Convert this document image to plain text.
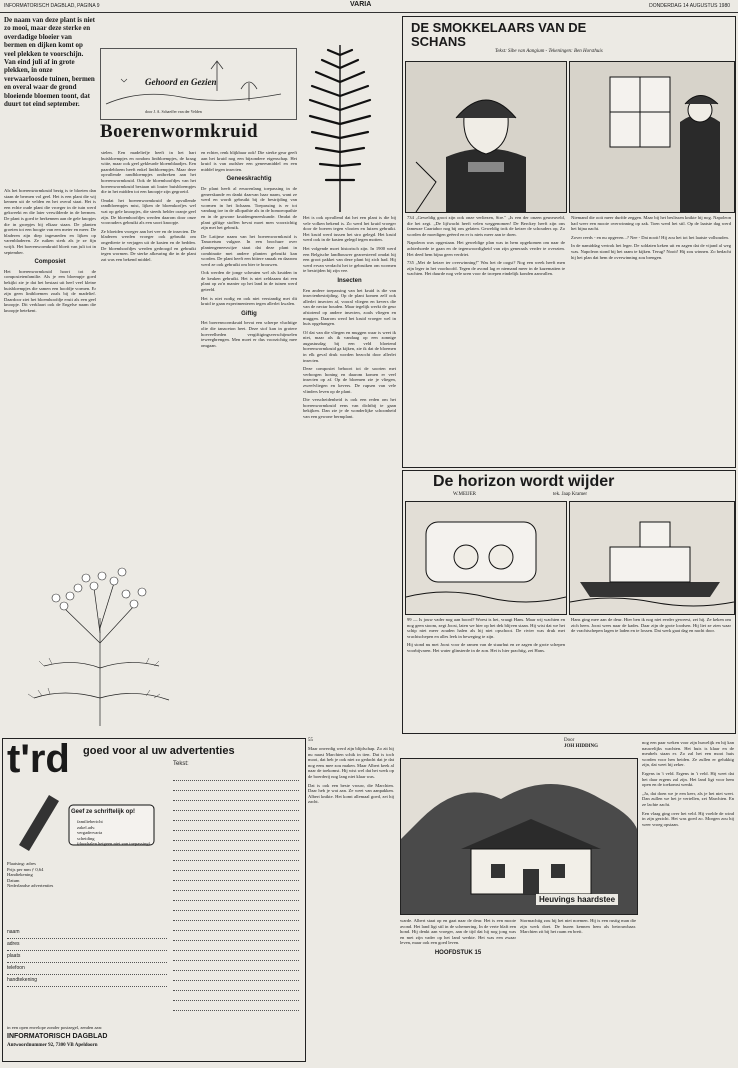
INFORMATORISCH DAGBLAD, PAGINA 9	VARIA	DONDERDAG 14 AUGUSTUS 1980
De naam van deze plant is niet zo mooi, maar deze sterke en overdadige bloeier van bermen en dijken komt op veel plekken te voorschijn. Van eind juli af in grote plekken, in onze verwaarloosde tuinen, bermen en overal waar de grond bloeiende bloemen toont, dat duurt tot eind september.
Gehoord en Gezien
door J. A. Schaeffer van der Velden
Boerenwormkruid

Als het boerenwormkruid bezig is te bloeien dan staan de bermen vol geel. Het is een plant die wij kennen uit de velden en het overal staat. Het is een echte oude plant die vroeger in de tuin werd gekweekt en die later verwilderde in de bermen. De plant is goed te herkennen aan de gele knopjes die in groepjes bij elkaar staan. De planten groeien tot een hoogte van een meter en meer. De bladeren zijn diep ingesneden en lijken op varenbladeren. Ze ruiken sterk als je ze fijn wrijft. Het boerenwormkruid bloeit van juli tot in september.

Composiet

Het boerenwormkruid hoort tot de composietenfamilie. Als je een bloempje goed bekijkt zie je dat het bestaat uit heel veel kleine buisbloempjes die samen een hoofdje vormen. Er zijn geen lintbloemen zoals bij de madelief. Daardoor ziet het bloemhoofdje eruit als een geel knoopje. Dit verklaart ook de Engelse naam die knoopje betekent.

stelen. Een madeliefje heeft in het hart buisbloempjes en rondom lintbloempjes, de kraag witte, maar ook geel gekleurde bloemblaadjes. Een paardebloem heeft enkel lintbloempjes. Maar deze opvallende randbloempjes ontbreken aan het boerenwormkruid. Ook de bloemhoofdjes van het boerenwormkruid bestaan uit louter buisbloempjes die in het midden tot een knoopje zijn gegroeid.

Omdat het boerenwormkruid de opvallende randbloempjes mist, lijken de bloemkorfjes wel wat op gele knoopjes, die steeds helder oranje geel zijn. De bloemhoofdjes werden daarom door onze voorouders gebruikt als een soort knoopje.

Ze bloeiden vroeger aan het vee en de insecten. De bladeren werden vroeger ook gebruikt om ongedierte te verjagen uit de kasten en de bedden. De bloemhoofdjes werden gedroogd en gebruikt tegen wormen. De sterke afkeuring die in de plant zat was een bekend middel.

en echter, renk blijkbaar ook! Die sterke geur geeft aan het kruid nog een bijzondere eigenschap. Het kruid is van oudsher een geneesmiddel en een middel tegen insecten.

Geneeskrachtig

De plant heeft al eeuwenlang toepassing in de geneeskunde en dankt daarvan haar naam, want ze werd en wordt gebruikt bij de bestrijding van wormen in het lichaam. Toepassing is er tot vandaag toe in de allopathie als in de homoeopathie en in de gewone kruidengeneeskunde. Omdat de plant giftige stoffen bevat moet men voorzichtig zijn met het gebruik.

De Latijnse naam van het boerenwormkruid is Tanacetum vulgare. In een brochure over plantengeneeswijze staat dat deze plant in combinatie met andere planten gebruikt kan worden. De plant heeft een bittere smaak en daarom werd ze ook gebruikt om bier te brouwen.

Ook werden de jonge scheuten wel als kruiden in de keuken gebruikt. Het is niet zeldzaam dat een plant op zo'n manier op het land in de tuinen werd geteeld.

Het is niet nodig en ook niet verstandig met dit kruid te gaan experimenteren tegen allerlei kwalen.

Giftig

Het boerenwormkruid bevat een scherpe vluchtige olie die tanaceton heet. Deze stof kan in grotere hoeveelheden vergiftigingsverschijnselen teweegbrengen. Men moet er dus voorzichtig mee omgaan.

Het is ook opvallend dat het een plant is die bij vele volken bekend is. Zo werd het kruid vroeger door de boeren tegen vlooien en luizen gebruikt. Het kruid werd tussen het stro gelegd. Het kruid werd ook in de kasten gelegd tegen motten.

Het volgende moet historisch zijn. In 1900 werd een Belgische landbouwer gearresteerd omdat hij een groot pakket van deze plant bij zich had. Hij werd ervan verdacht het te gebruiken om wormen te bestrijden bij zijn vee.

Insecten

Een andere toepassing van het kruid is die van insectenbestrijding. Op de plant komen zelf ook allerlei insecten af, vooral vliegen en kevers die van de nectar houden. Maar tegelijk werkt de geur afstotend op andere insecten, zoals vliegen en muggen. Daarom werd het kruid vroeger wel in huis opgehangen.

Of dat van die vliegen en muggen waar is weet ik niet, maar als ik vandaag op een zonnige augustusdag bij een veld bloeiend boerenwormkruid ga kijken, zie ik dat de bloemen in elk geval druk worden bezocht door allerlei insecten.

Deze composiet behoort tot de soorten met verborgen honing en daarom komen er veel insecten op af. Op de bloemen zie je vliegen, zweefvliegen en kevers. De rupsen van vele vlinders leven op de plant.

Die verscheidenheid is ook een reden om het boerenwormkruid eens van dichtbij te gaan bekijken. Dan zie je de wonderlijke schoonheid van een gewone bermplant.

DE SMOKKELAARS VAN DE SCHANS
Tekst: Sibe van Aangium - Tekeningen: Ben Horsthuis

734 „Geweldig groot zijn ook onze verliezen, Sire." „Is een der onzen gesneuveld, die het zegt. „De lijfwacht heeft velen weggenomen! De Berckey heeft zijn ons fameuze Caartabor nog bij ons gelaten. Geweldig trok de keizer de schouders op. Zo worden de moedigen geëerd en er is niets meer aan te doen.

Napoleon was opgestaan. Het geweldige plan was in hem opgekomen om naar de achterhoede te gaan en de tegenwoordigheid van zijn generaals verder te overzien. Het deed hem bijna geen verdriet.

735 „Met de keizer ter overwinning!" Was het de oogst? Nog een week heeft men zijn leger in het voorhoofd. Tegen de avond lag er niemand meer in de kazematten te wachten. Het duurde nog vele uren voor de troepen eindelijk konden aanvallen.

Niemand die ooit meer durfde zeggen. Maar bij het beslissen knikte hij nog. Napoleon had weer een mooie overwinning op zak. Toen werd het stil. Op de laatste dag werd het bijna nacht.

Zover reeds - en nu opgeven...? Nee - Dat nooit! Hij zou het tot het laatste volhouden.

In de namiddag vertrok het leger. De soldaten keken uit en zagen dat de vijand al weg was. Napoleon stond bij het raam te kijken. Terug? Nooit! Hij zou winnen. Zo bedacht hij het plan dat hem de overwinning zou brengen.

De horizon wordt wijder
W.MEIJER	tek. Jaap Kramer

99 — Is jouw vader nog aan boord? Woest is het, vraagt Hans. Maar wij wachten en nog geen stoom, zegt Joost, laten we hier op het dek blijven staan. Hij wist dat we het schip niet meer zouden halen als hij niet opschoot. De rivier was druk met vrachtschepen en alles leek in beweging te zijn.

Hij stond nu met Joost voor de ramen van de stuurhut en ze zagen de grote schepen voorbijvaren. Het water glinsterde in de zon. Het is hier prachtig, zei Hans.

Hans ging mee aan de deur. Hier ben ik nog niet eerder geweest, zei hij. Ze keken om zich heen. Joost wees naar de kades. Daar zijn de grote loodsen. Hij liet ze zien waar de vrachtschepen lagen te laden en te lossen. Dat werk gaat dag en nacht door.
t'rd goed voor al uw advertenties
Tekst:
Geef ze schriftelijk op!
familiebericht
zakel.adv.
vergadervaria
scheiding
(doorhalen hetgeen niet van toepassing)
Plaatsing: adres
Prijs per mm ƒ 0,64
Handtekening
Datum
Nederlandse advertenties
naam
adres
plaats
telefoon
handtekening
in een open envelope zonder postzegel, zenden aan:
INFORMATORISCH DAGBLAD
Antwoordnummer 92, 7300 VB Apeldoorn
55

Maar onverdig werd zijn blijdschap. Zo zit hij nu naast Marchien schik in tien. Dat is toch mooi, dat heb je ook niet zo gedacht dat je dat nog eens mee zou maken. Maar Albert keek al naar de toekomst. Hij wist wel dat het werk op de boerderij nog lang niet klaar was.

Dat is ook een beste vrouw, die Marchien. Daar heb je wat aan. Ze weet van aanpakken. Albert knikte. Het komt allemaal goed, zei hij zacht.

Door
JOH HIDDING
Heuvings haardstee

warde. Albert staat op en gaat naar de deur. Het is een mooie avond. Het land ligt stil in de schemering. In de verte blaft een hond. Hij denkt aan vroeger, aan de tijd dat hij nog jong was en met zijn vader op het land werkte. Het was een zwaar leven, maar ook een goed leven.

HOOFDSTUK 15
Stormachtig zou hij het niet noemen. Hij is een rustig man die zijn werk doet. De buren kennen hem als betrouwbaar. Marchien zit bij het raam en breit.

nog een paar weken voor zijn huwelijk en hij kan nauwelijks wachten. Het huis is klaar en de meubels staan er. Zo zal het een mooi huis worden voor hen beiden. Ze zullen er gelukkig zijn, dat weet hij zeker.

Ergens in 't veld. Ergens in 't veld. Hij weet dat het daar ergens zal zijn. Het land ligt voor hem open en de toekomst wenkt.

„Ja, dat doen we je een keer, als je het niet weet. Dan zullen we het je vertellen, zei Marchien. En ze lachte zacht.

Een vlaag ging over het veld. Hij voelde de wind in zijn gezicht. Het was goed zo. Morgen zou hij weer vroeg opstaan.
